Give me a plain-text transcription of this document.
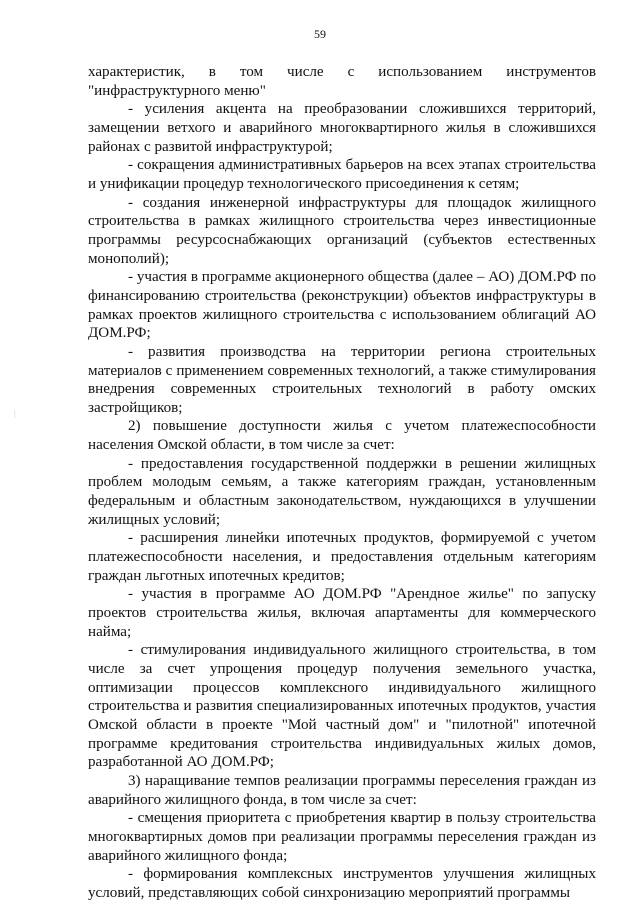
59
|

характеристик, в том числе с использованием инструментов "инфраструктурного меню"

- усиления акцента на преобразовании сложившихся территорий, замещении ветхого и аварийного многоквартирного жилья в сложившихся районах с развитой инфраструктурой;

- сокращения административных барьеров на всех этапах строительства и унификации процедур технологического присоединения к сетям;

- создания инженерной инфраструктуры для площадок жилищного строительства в рамках жилищного строительства через инвестиционные программы ресурсоснабжающих организаций (субъектов естественных монополий);

- участия в программе акционерного общества (далее – АО) ДОМ.РФ по финансированию строительства (реконструкции) объектов инфраструктуры в рамках проектов жилищного строительства с использованием облигаций АО ДОМ.РФ;

- развития производства на территории региона строительных материалов с применением современных технологий, а также стимулирования внедрения современных строительных технологий в работу омских застройщиков;

2) повышение доступности жилья с учетом платежеспособности населения Омской области, в том числе за счет:

- предоставления государственной поддержки в решении жилищных проблем молодым семьям, а также категориям граждан, установленным федеральным и областным законодательством, нуждающихся в улучшении жилищных условий;

- расширения линейки ипотечных продуктов, формируемой с учетом платежеспособности населения, и предоставления отдельным категориям граждан льготных ипотечных кредитов;

- участия в программе АО ДОМ.РФ "Арендное жилье" по запуску проектов строительства жилья, включая апартаменты для коммерческого найма;

- стимулирования индивидуального жилищного строительства, в том числе за счет упрощения процедур получения земельного участка, оптимизации процессов комплексного индивидуального жилищного строительства и развития специализированных ипотечных продуктов, участия Омской области в проекте "Мой частный дом" и "пилотной" ипотечной программе кредитования строительства индивидуальных жилых домов, разработанной АО ДОМ.РФ;

3) наращивание темпов реализации программы переселения граждан из аварийного жилищного фонда, в том числе за счет:

- смещения приоритета с приобретения квартир в пользу строительства многоквартирных домов при реализации программы переселения граждан из аварийного жилищного фонда;

- формирования комплексных инструментов улучшения жилищных условий, представляющих собой синхронизацию мероприятий программы
